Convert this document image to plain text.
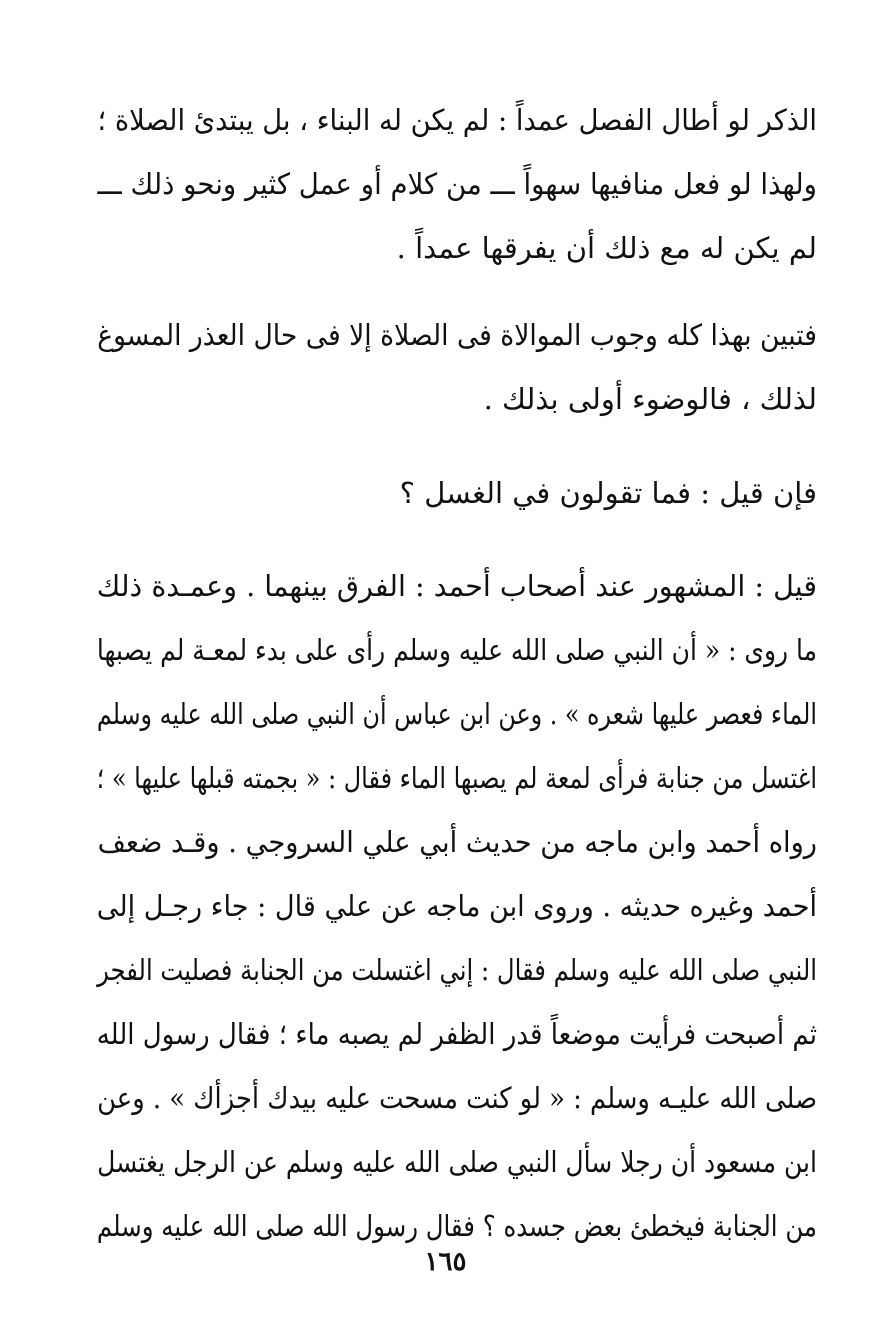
الذكر لو أطال الفصل عمداً : لم يكن له البناء ، بل يبتدئ الصلاة ؛
ولهذا لو فعل منافيها سهواً ـــ من كلام أو عمل كثير ونحو ذلك ـــ
لم يكن له مع ذلك أن يفرقها عمداً .

فتبين بهذا كله وجوب الموالاة فى الصلاة إلا فى حال العذر المسوغ
لذلك ، فالوضوء أولى بذلك .

فإن قيل : فما تقولون في الغسل ؟

قيل : المشهور عند أصحاب أحمد : الفرق بينهما . وعمـدة ذلك
ما روى : « أن النبي صلى الله عليه وسلم رأى على بدء لمعـة لم يصبها
الماء فعصر عليها شعره » . وعن ابن عباس أن النبي صلى الله عليه وسلم
اغتسل من جنابة فرأى لمعة لم يصبها الماء فقال : « بجمته قبلها عليها » ؛
رواه أحمد وابن ماجه من حديث أبي علي السروجي . وقـد ضعف
أحمد وغيره حديثه . وروى ابن ماجه عن علي قال : جاء رجـل إلى
النبي صلى الله عليه وسلم فقال : إني اغتسلت من الجنابة فصليت الفجر
ثم أصبحت فرأيت موضعاً قدر الظفر لم يصبه ماء ؛ فقال رسول الله
صلى الله عليـه وسلم : « لو كنت مسحت عليه بيدك أجزأك » . وعن
ابن مسعود أن رجلا سأل النبي صلى الله عليه وسلم عن الرجل يغتسل
من الجنابة فيخطئ بعض جسده ؟ فقال رسول الله صلى الله عليه وسلم

١٦٥
